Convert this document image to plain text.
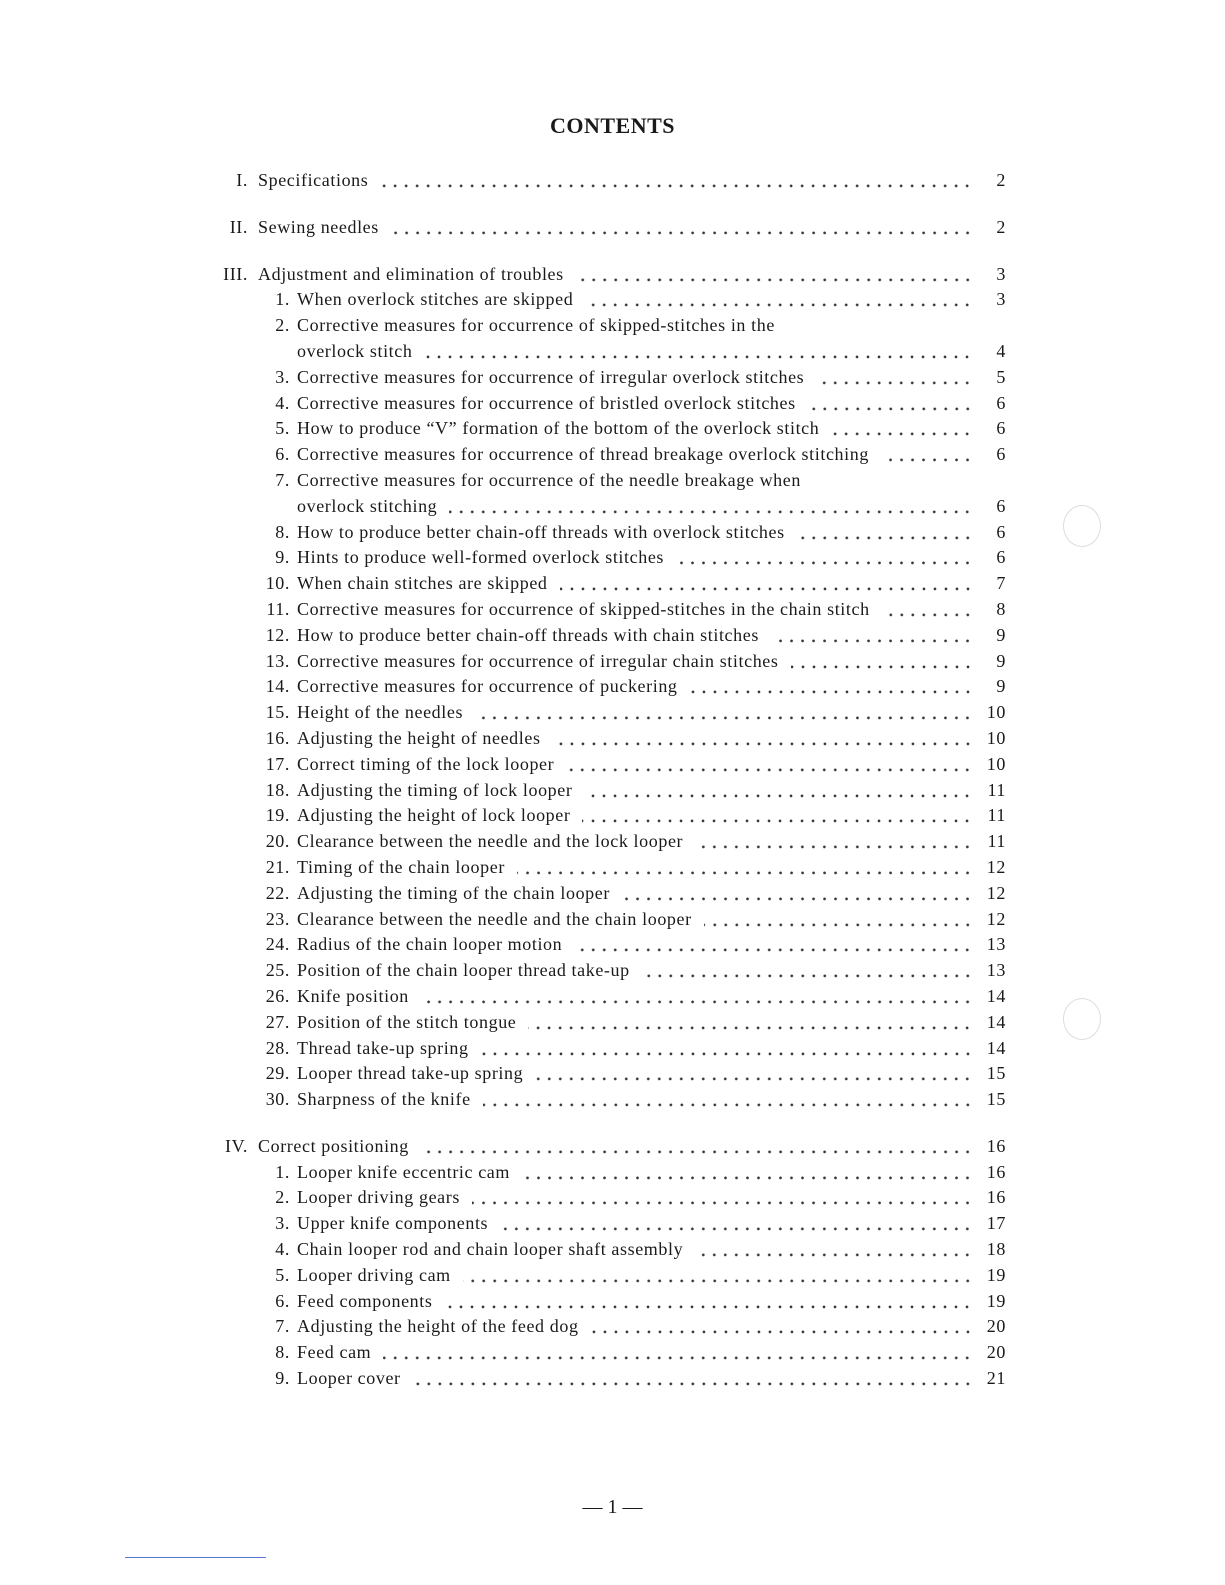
CONTENTS
I. Specifications	2
II. Sewing needles	2
III. Adjustment and elimination of troubles	3
1. When overlock stitches are skipped	3
2. Corrective measures for occurrence of skipped-stitches in the
overlock stitch	4
3. Corrective measures for occurrence of irregular overlock stitches	5
4. Corrective measures for occurrence of bristled overlock stitches	6
5. How to produce “V” formation of the bottom of the overlock stitch	6
6. Corrective measures for occurrence of thread breakage overlock stitching	6
7. Corrective measures for occurrence of the needle breakage when
overlock stitching	6
8. How to produce better chain-off threads with overlock stitches	6
9. Hints to produce well-formed overlock stitches	6
10. When chain stitches are skipped	7
11. Corrective measures for occurrence of skipped-stitches in the chain stitch	8
12. How to produce better chain-off threads with chain stitches	9
13. Corrective measures for occurrence of irregular chain stitches	9
14. Corrective measures for occurrence of puckering	9
15. Height of the needles	10
16. Adjusting the height of needles	10
17. Correct timing of the lock looper	10
18. Adjusting the timing of lock looper	11
19. Adjusting the height of lock looper	11
20. Clearance between the needle and the lock looper	11
21. Timing of the chain looper	12
22. Adjusting the timing of the chain looper	12
23. Clearance between the needle and the chain looper	12
24. Radius of the chain looper motion	13
25. Position of the chain looper thread take-up	13
26. Knife position	14
27. Position of the stitch tongue	14
28. Thread take-up spring	14
29. Looper thread take-up spring	15
30. Sharpness of the knife	15
IV. Correct positioning	16
1. Looper knife eccentric cam	16
2. Looper driving gears	16
3. Upper knife components	17
4. Chain looper rod and chain looper shaft assembly	18
5. Looper driving cam	19
6. Feed components	19
7. Adjusting the height of the feed dog	20
8. Feed cam	20
9. Looper cover	21
— 1 —
